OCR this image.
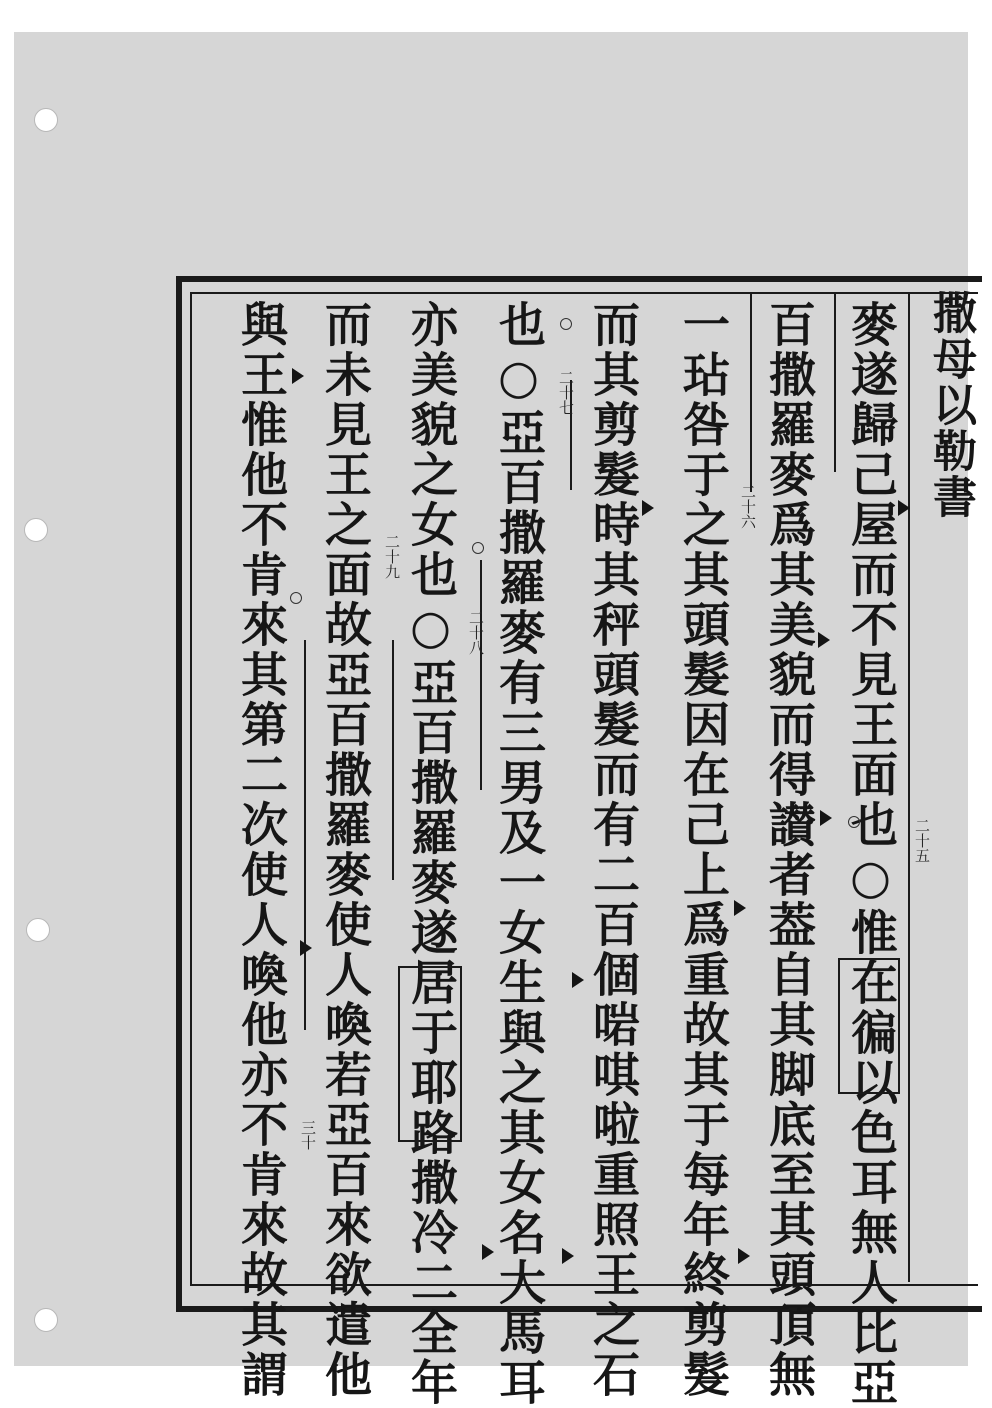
撒母以勒書
麥遂歸己屋而不見王面也○惟在徧以色耳無人比亞
百撒羅麥爲其美貌而得讃者葢自其脚底至其頭頂無
一玷咎于之其頭髮因在己上爲重故其于每年終剪髮
而其剪髮時其秤頭髮而有二百個啱唭啦重照王之石
也○亞百撒羅麥有三男及一女生與之其女名大馬耳
亦美貌之女也○亞百撒羅麥遂居于耶路撒冷二全年
而未見王之面故亞百撒羅麥使人喚若亞百來欲遣他
與王惟他不肯來其第二次使人喚他亦不肯來故其謂	二十五
二十六
二十七
二十八
二十九
三十
